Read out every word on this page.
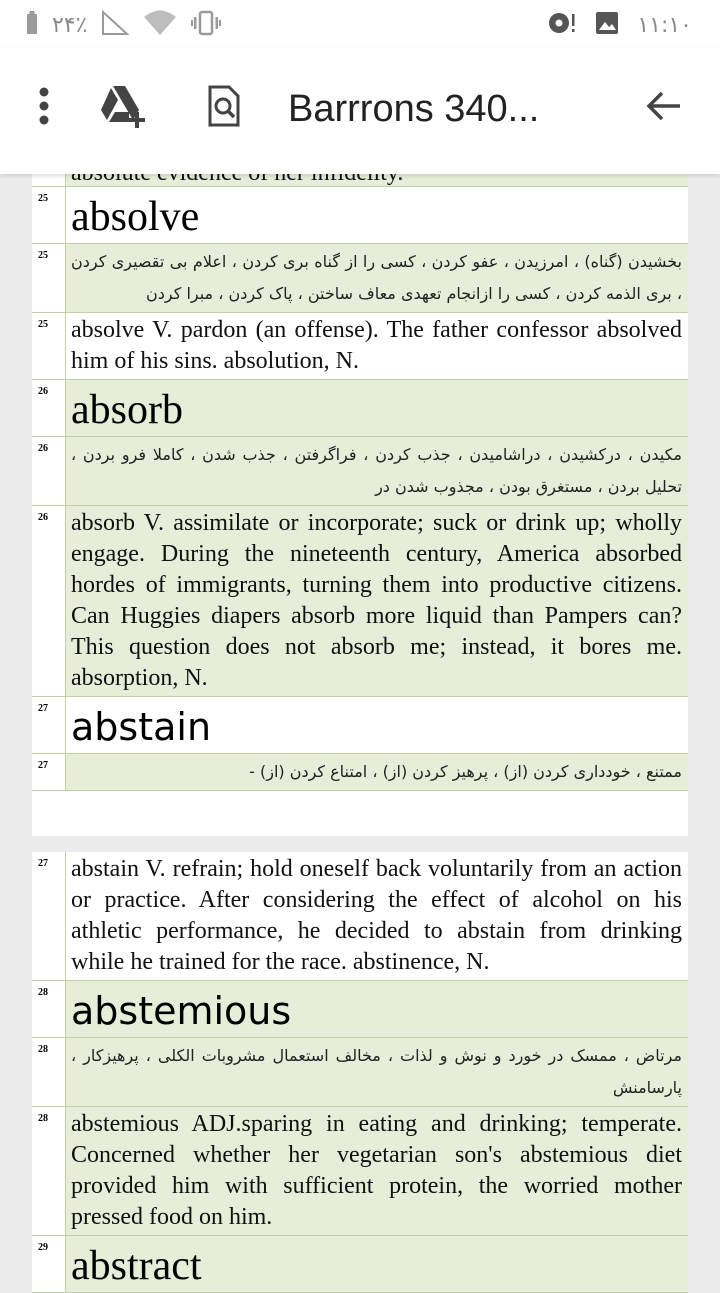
۲۴٪	۱۱:۱۰
Barrrons 340...
25 absolve
25	بخشیدن (گناه) ، امرزیدن ، عفو کردن ، کسی را از گناه بری کردن ، اعلام بی تقصیری کردن ، بری الذمه کردن ، کسی را ازانجام تعهدی معاف ساختن ، پاک کردن ، مبرا کردن
25 absolve V. pardon (an offense). The father confessor absolved him of his sins. absolution, N.
26 absorb
26	مکیدن ، درکشیدن ، دراشامیدن ، جذب کردن ، فراگرفتن ، جذب شدن ، کاملا فرو بردن ، تحلیل بردن ، مستغرق بودن ، مجذوب شدن در
26 absorb V. assimilate or incorporate; suck or drink up; wholly engage. During the nineteenth century, America absorbed hordes of immigrants, turning them into productive citizens. Can Huggies diapers absorb more liquid than Pampers can? This question does not absorb me; instead, it bores me. absorption, N.
27 abstain
27	ممتنع ، خودداری کردن (از) ، پرهیز کردن (از) ، امتناع کردن (از) -
27 abstain V. refrain; hold oneself back voluntarily from an action or practice. After considering the effect of alcohol on his athletic performance, he decided to abstain from drinking while he trained for the race. abstinence, N.
28 abstemious
28	مرتاض ، ممسک در خورد و نوش و لذات ، مخالف استعمال مشروبات الکلی ، پرهیزکار ، پارسامنش
28 abstemious ADJ.sparing in eating and drinking; temperate. Concerned whether her vegetarian son's abstemious diet provided him with sufficient protein, the worried mother pressed food on him.
29 abstract
